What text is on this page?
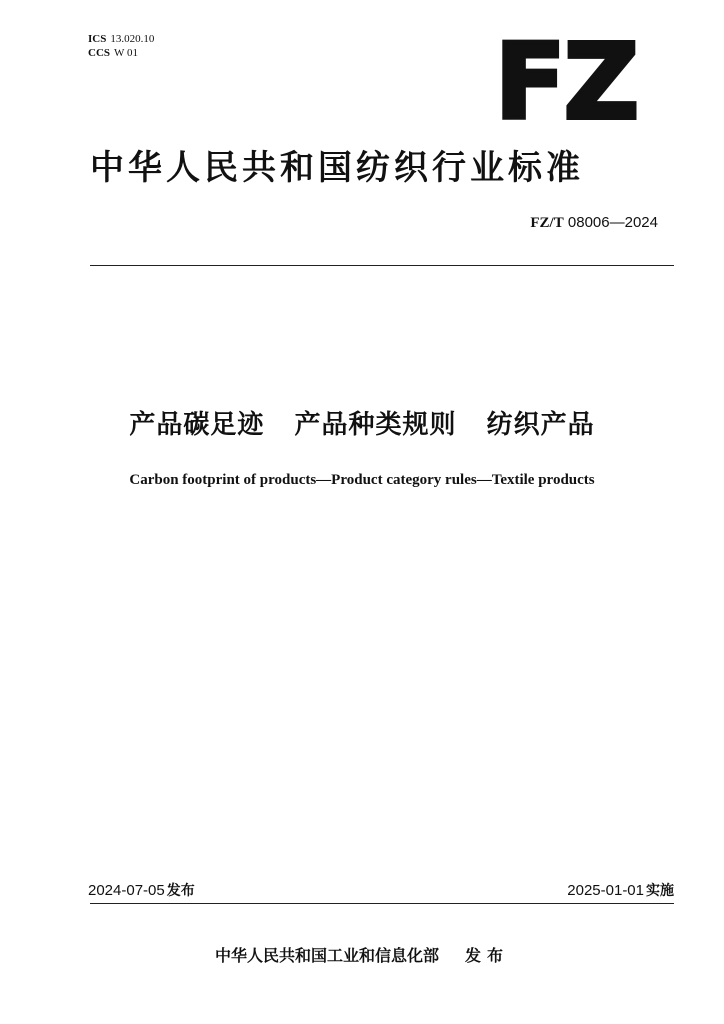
ICS 13.020.10
CCS W 01	FZ
中华人民共和国纺织行业标准
FZ/T 08006—2024
产品碳足迹   产品种类规则   纺织产品
Carbon footprint of products—Product category rules—Textile products
2024-07-05 发布	2025-01-01 实施
中华人民共和国工业和信息化部 发布
